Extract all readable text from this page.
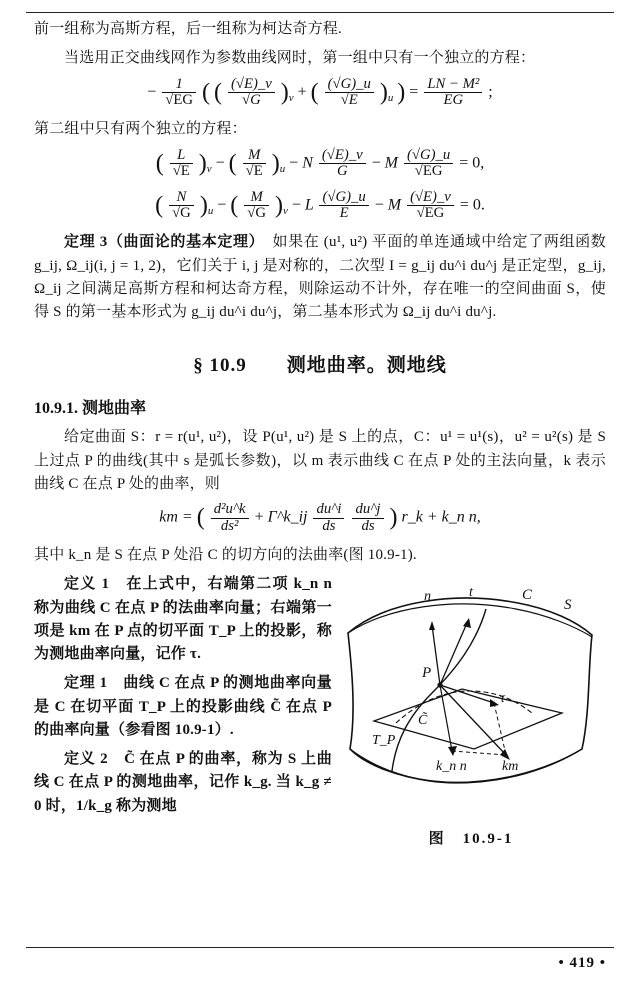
前一组称为高斯方程，后一组称为柯达奇方程.

当选用正交曲线网作为参数曲线网时，第一组中只有一个独立的方程：

− $\frac{1}{√EG}$ ( ( $\frac{(√E)\_v}{√G} )_v$ + ( $\frac{(√G)\_u}{√E} )_u$ ) = $\frac{\text{LN − M²}}{EG}$ ;

第二组中只有两个独立的方程：

( $\frac{L}{√E} )_v$ − ( $\frac{M}{√E} )_u - N \frac{(√E)\_v}{G} - M \frac{(√G)\_u}{√EG} = 0$,
( $\frac{N}{√G} )_u$ − ( $\frac{M}{√G} )_v - L \frac{(√G)\_u}{E} - M \frac{(√E)\_v}{√EG} = 0$.

定理 3（曲面论的基本定理）　 如果在 (u¹, u²) 平面的单连通域中给定了两组函数 g_ij, Ω_ij(i, j = 1, 2)，它们关于 i, j 是对称的，二次型 I = g_ij du^i du^j 是正定型，g_ij, Ω_ij 之间满足高斯方程和柯达奇方程，则除运动不计外，存在唯一的空间曲面 S，使得 S 的第一基本形式为 g_ij du^i du^j，第二基本形式为 Ω_ij du^i du^j.

§ 10.9　　 测地曲率。测地线
10.9.1. 测地曲率

给定曲面 S：r = r(u¹, u²)，设 P(u¹, u²) 是 S 上的点，C：u¹ = u¹(s)，u² = u²(s) 是 S 上过点 P 的曲线(其中 s 是弧长参数)，以 m 表示曲线 C 在点 P 处的主法向量，k 表示曲线 C 在点 P 处的曲率，则

km = ( $\frac{\text{d²u\textasciicircum{}k}}{\text{ds²}}$ + Γ^k_ij $\frac{du\^{}i}{ds}$
$\frac{du\^{}j}{ds}$ ) r_k + k_n n,

其中 k_n 是 S 在点 P 处沿 C 的切方向的法曲率(图 10.9-1).

n	t	C
S
P
τ
C̃
T_P
k_n n	km
图　10.9-1

定义 1　 在上式中，右端第二项 k_n n 称为曲线 C 在点 P 的法曲率向量；右端第一项是 km 在 P 点的切平面 T_P 上的投影，称为测地曲率向量，记作 τ.

定理 1　 曲线 C 在点 P 的测地曲率向量是 C 在切平面 T_P 上的投影曲线 C̃ 在点 P 的曲率向量（参看图 10.9-1）.

定义 2　 C̃ 在点 P 的曲率，称为 S 上曲线 C 在点 P 的测地曲率，记作 k_g. 当 k_g ≠ 0 时，1/k_g 称为测地

• 419 •
